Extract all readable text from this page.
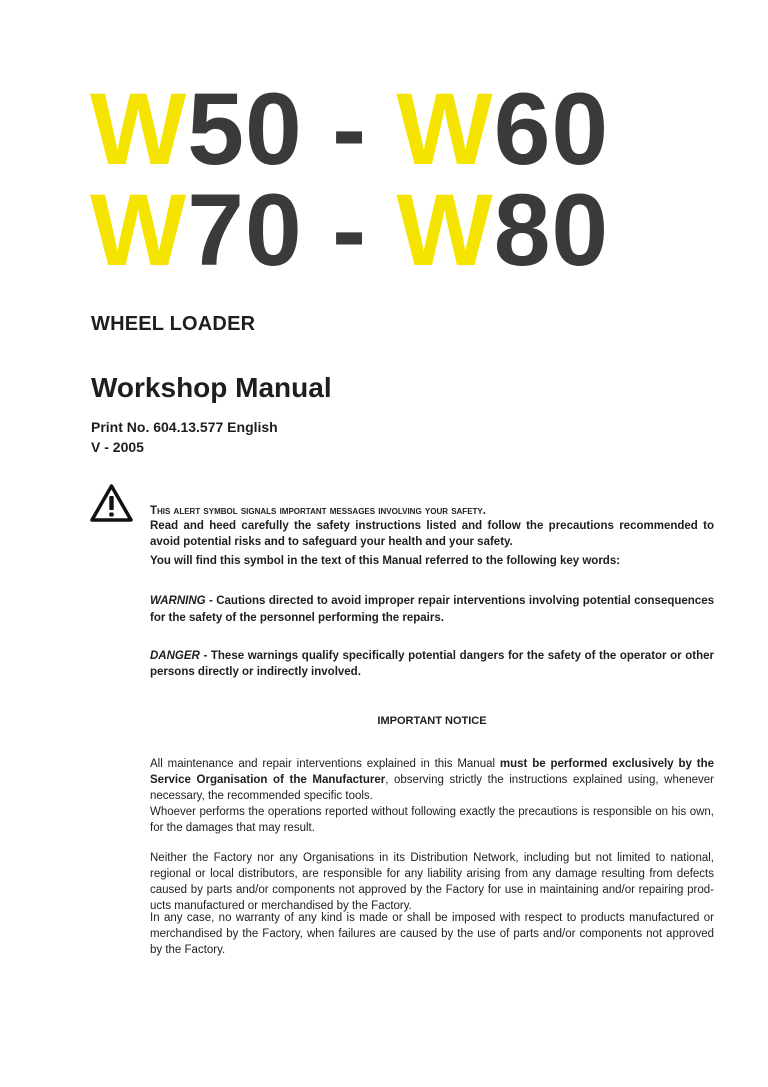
W50 - W60
W70 - W80
WHEEL LOADER
Workshop Manual
Print No. 604.13.577 English
V - 2005
This alert symbol signals important messages involving your safety.
Read and heed carefully the safety instructions listed and follow the precautions recommended to avoid potential risks and to safeguard your health and your safety.
You will find this symbol in the text of this Manual referred to the following key words:
WARNING - Cautions directed to avoid improper repair interventions involving potential consequences for the safety of the personnel performing the repairs.
DANGER - These warnings qualify specifically potential dangers for the safety of the operator or other persons directly or indirectly involved.
IMPORTANT NOTICE
All maintenance and repair interventions explained in this Manual must be performed exclusively by the Service Organisation of the Manufacturer, observing strictly the instructions explained using, whenever necessary, the recommended specific tools.
Whoever performs the operations reported without following exactly the precautions is responsible on his own, for the damages that may result.
Neither the Factory nor any Organisations in its Distribution Network, including but not limited to national, regional or local distributors, are responsible for any liability arising from any damage resulting from defects caused by parts and/or components not approved by the Factory for use in maintaining and/or repairing prod-ucts manufactured or merchandised by the Factory.
In any case, no warranty of any kind is made or shall be imposed with respect to products manufactured or merchandised by the Factory, when failures are caused by the use of parts and/or components not approved by the Factory.
